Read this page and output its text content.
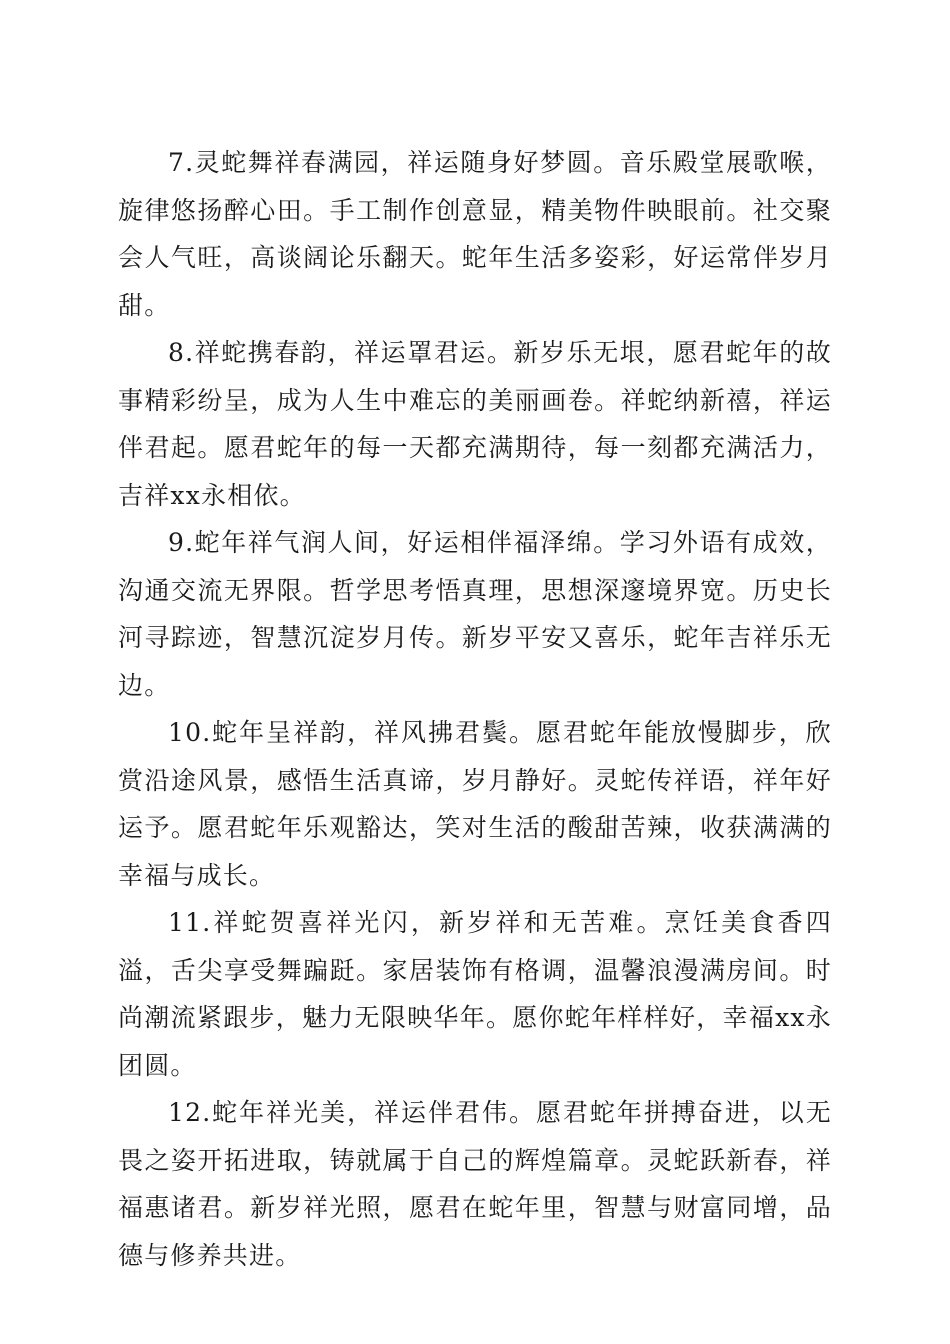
7.灵蛇舞祥春满园，祥运随身好梦圆。音乐殿堂展歌喉，旋律悠扬醉心田。手工制作创意显，精美物件映眼前。社交聚会人气旺，高谈阔论乐翻天。蛇年生活多姿彩，好运常伴岁月甜。

8.祥蛇携春韵，祥运罩君运。新岁乐无垠，愿君蛇年的故事精彩纷呈，成为人生中难忘的美丽画卷。祥蛇纳新禧，祥运伴君起。愿君蛇年的每一天都充满期待，每一刻都充满活力，吉祥xx永相依。

9.蛇年祥气润人间，好运相伴福泽绵。学习外语有成效，沟通交流无界限。哲学思考悟真理，思想深邃境界宽。历史长河寻踪迹，智慧沉淀岁月传。新岁平安又喜乐，蛇年吉祥乐无边。

10.蛇年呈祥韵，祥风拂君鬓。愿君蛇年能放慢脚步，欣赏沿途风景，感悟生活真谛，岁月静好。灵蛇传祥语，祥年好运予。愿君蛇年乐观豁达，笑对生活的酸甜苦辣，收获满满的幸福与成长。

11.祥蛇贺喜祥光闪，新岁祥和无苦难。烹饪美食香四溢，舌尖享受舞蹁跹。家居装饰有格调，温馨浪漫满房间。时尚潮流紧跟步，魅力无限映华年。愿你蛇年样样好，幸福xx永团圆。

12.蛇年祥光美，祥运伴君伟。愿君蛇年拼搏奋进，以无畏之姿开拓进取，铸就属于自己的辉煌篇章。灵蛇跃新春，祥福惠诸君。新岁祥光照，愿君在蛇年里，智慧与财富同增，品德与修养共进。
